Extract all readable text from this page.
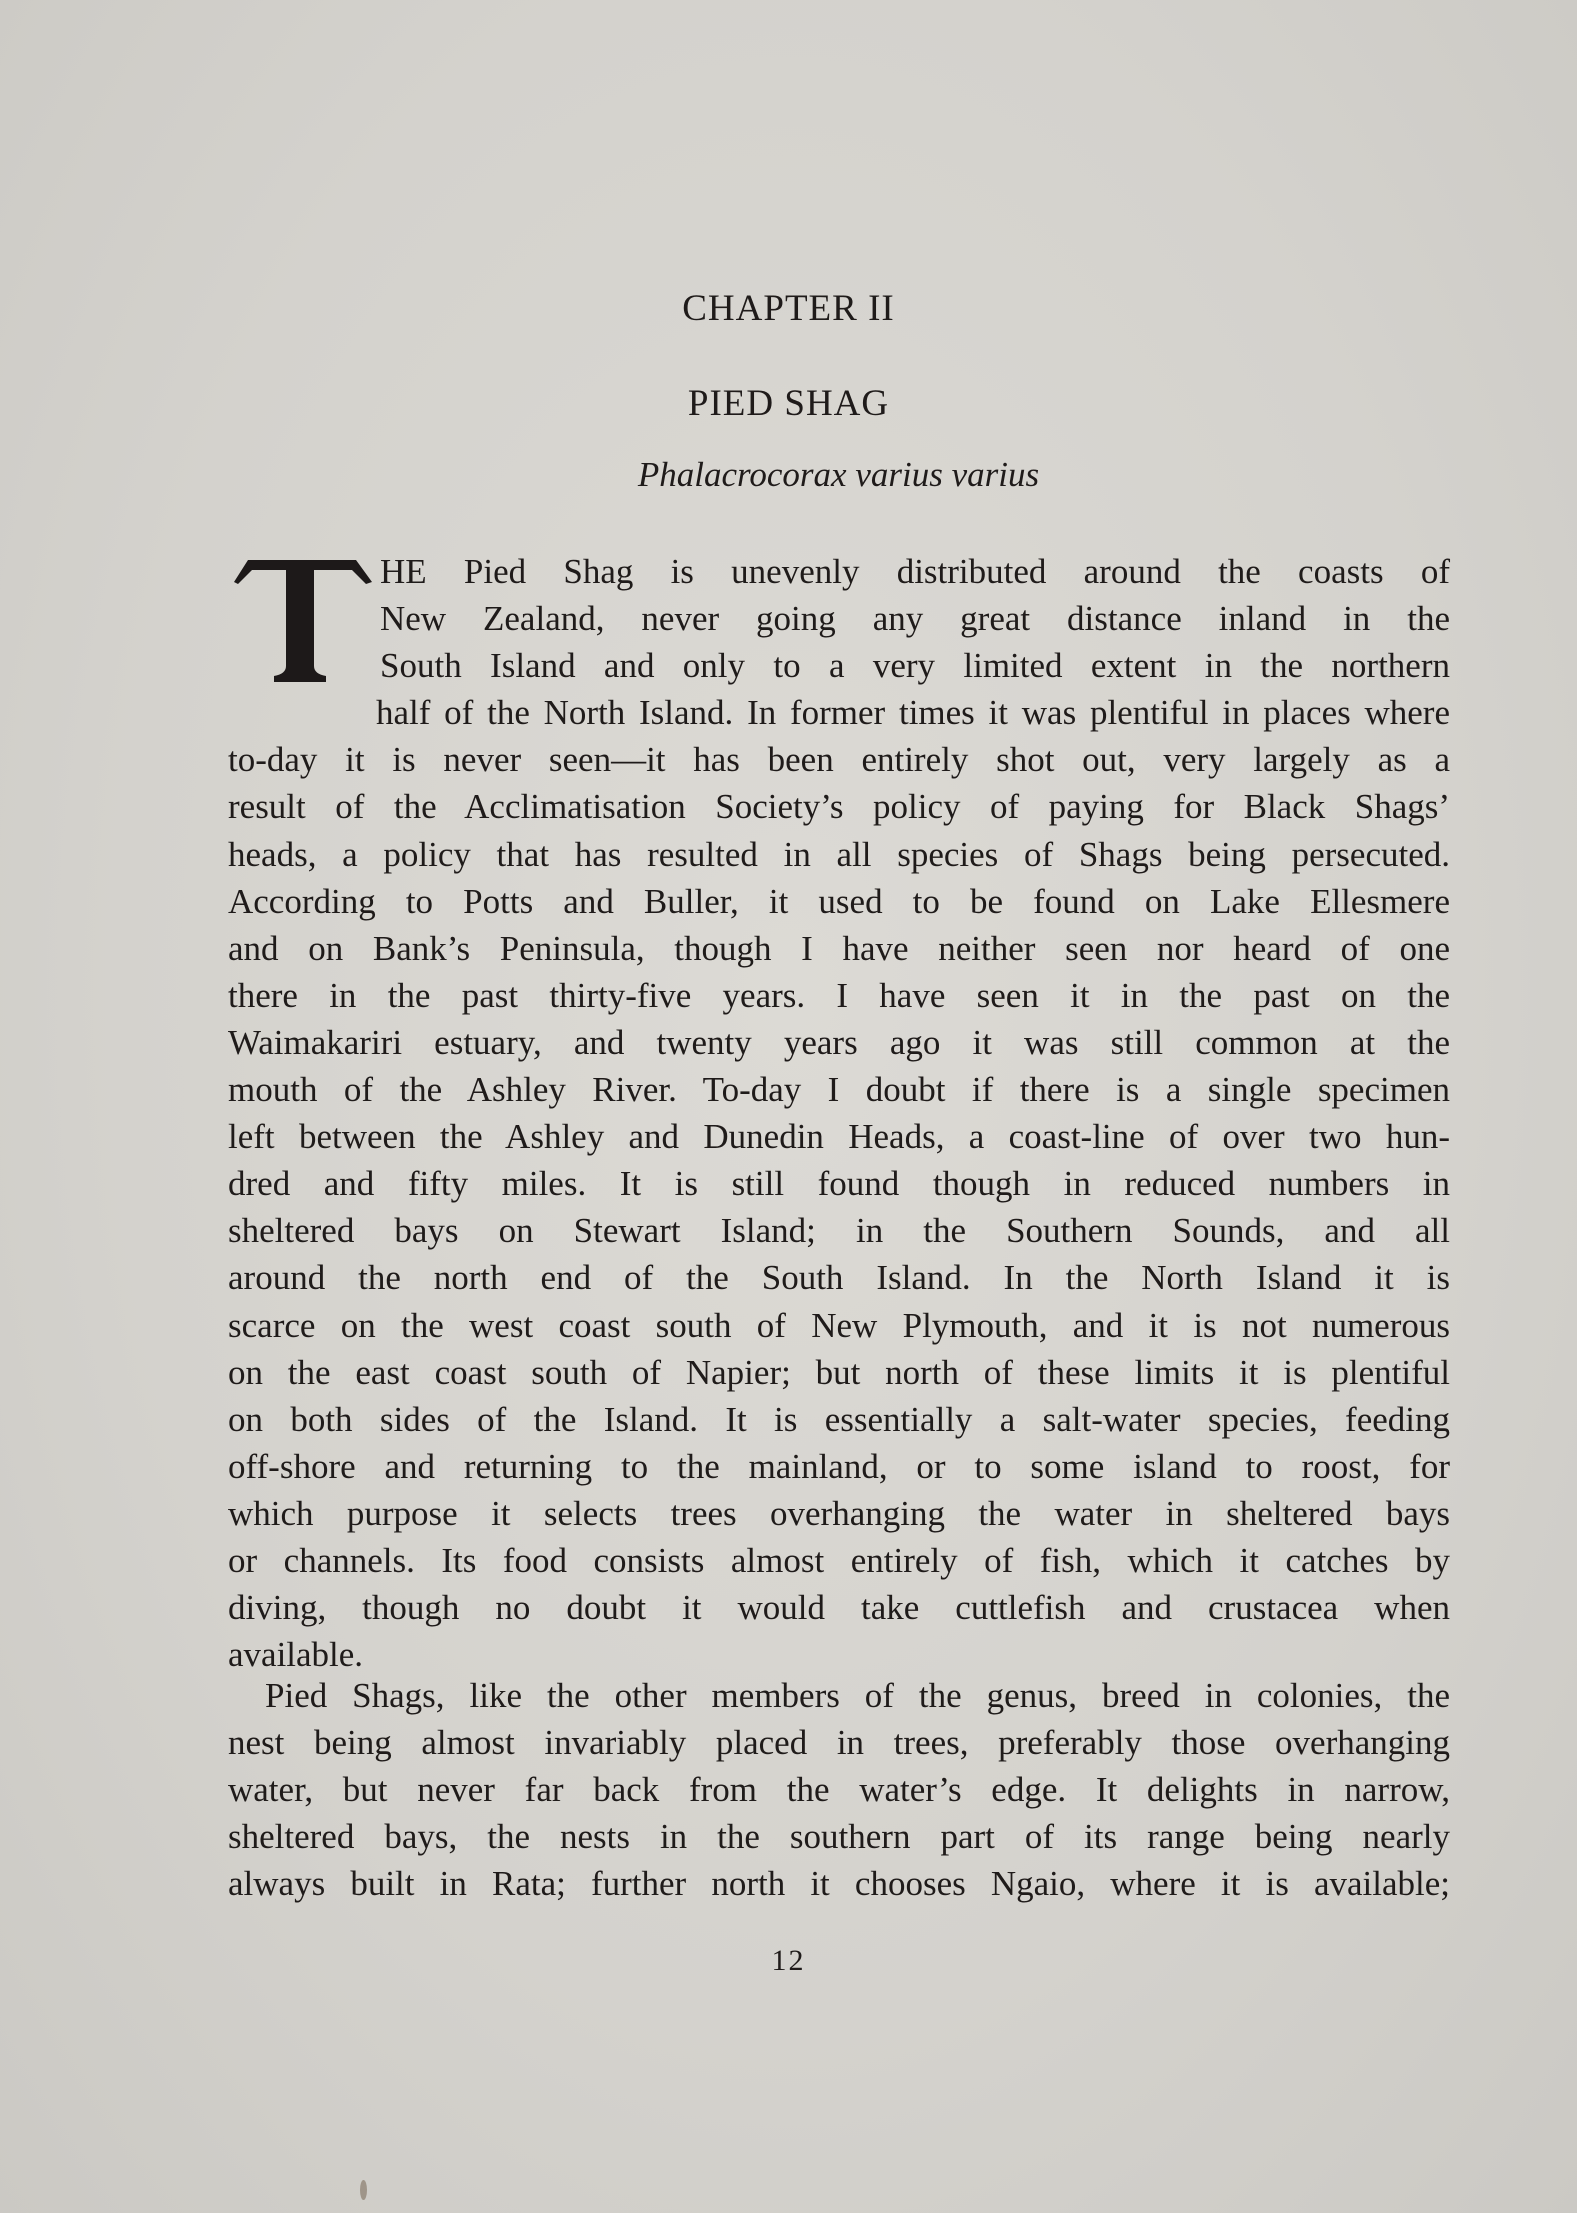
CHAPTER II
PIED SHAG
Phalacrocorax varius varius
HE Pied Shag is unevenly distributed around the coasts of
New Zealand, never going any great distance inland in the
South Island and only to a very limited extent in the northern
half of the North Island. In former times it was plentiful in places where
to-day it is never seen—it has been entirely shot out, very largely as a
result of the Acclimatisation Society’s policy of paying for Black Shags’
heads, a policy that has resulted in all species of Shags being persecuted.
According to Potts and Buller, it used to be found on Lake Ellesmere
and on Bank’s Peninsula, though I have neither seen nor heard of one
there in the past thirty-five years. I have seen it in the past on the
Waimakariri estuary, and twenty years ago it was still common at the
mouth of the Ashley River. To-day I doubt if there is a single specimen
left between the Ashley and Dunedin Heads, a coast-line of over two hun-
dred and fifty miles. It is still found though in reduced numbers in
sheltered bays on Stewart Island; in the Southern Sounds, and all
around the north end of the South Island. In the North Island it is
scarce on the west coast south of New Plymouth, and it is not numerous
on the east coast south of Napier; but north of these limits it is plentiful
on both sides of the Island. It is essentially a salt-water species, feeding
off-shore and returning to the mainland, or to some island to roost, for
which purpose it selects trees overhanging the water in sheltered bays
or channels. Its food consists almost entirely of fish, which it catches by
diving, though no doubt it would take cuttlefish and crustacea when
available.
Pied Shags, like the other members of the genus, breed in colonies, the
nest being almost invariably placed in trees, preferably those overhanging
water, but never far back from the water’s edge. It delights in narrow,
sheltered bays, the nests in the southern part of its range being nearly
always built in Rata; further north it chooses Ngaio, where it is available;
12
